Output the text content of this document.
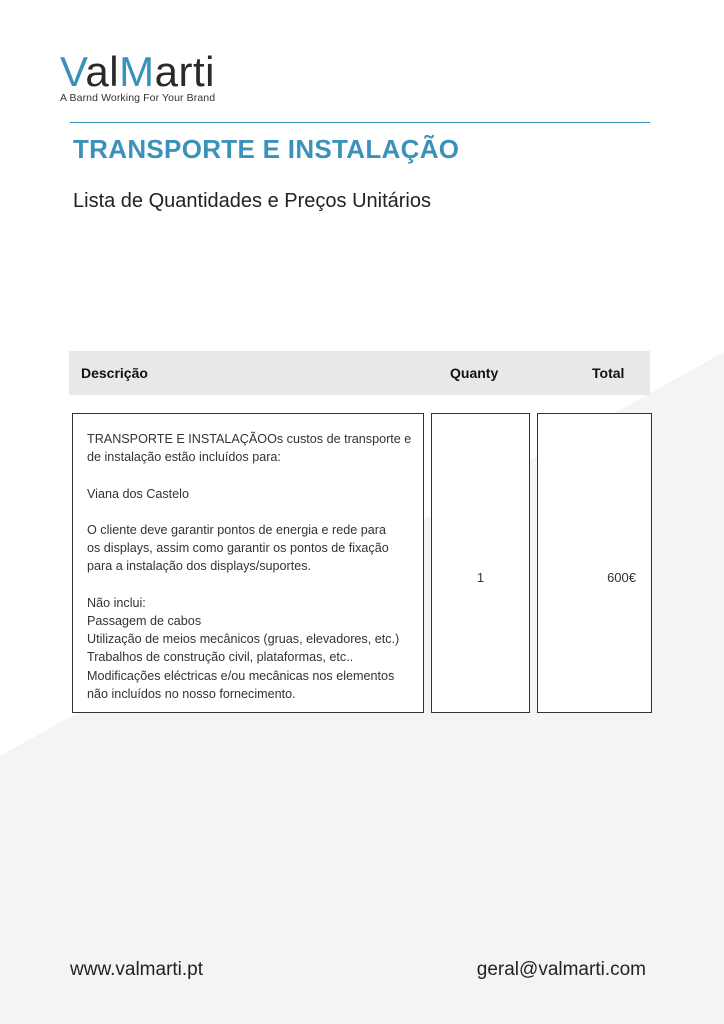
ValMarti
A Barnd Working For Your Brand
TRANSPORTE E INSTALAÇÃO
Lista de Quantidades e Preços Unitários
Descrição	Quanty	Total

TRANSPORTE E INSTALAÇÃOOs custos de transporte e
de instalação estão incluídos para:

Viana dos Castelo

O cliente deve garantir pontos de energia e rede para
os displays, assim como garantir os pontos de fixação
para a instalação dos displays/suportes.

Não inclui:
Passagem de cabos
Utilização de meios mecânicos (gruas, elevadores, etc.)
Trabalhos de construção civil, plataformas, etc..
Modificações eléctricas e/ou mecânicas nos elementos
não incluídos no nosso fornecimento.

1	600€
www.valmarti.pt	geral@valmarti.com
